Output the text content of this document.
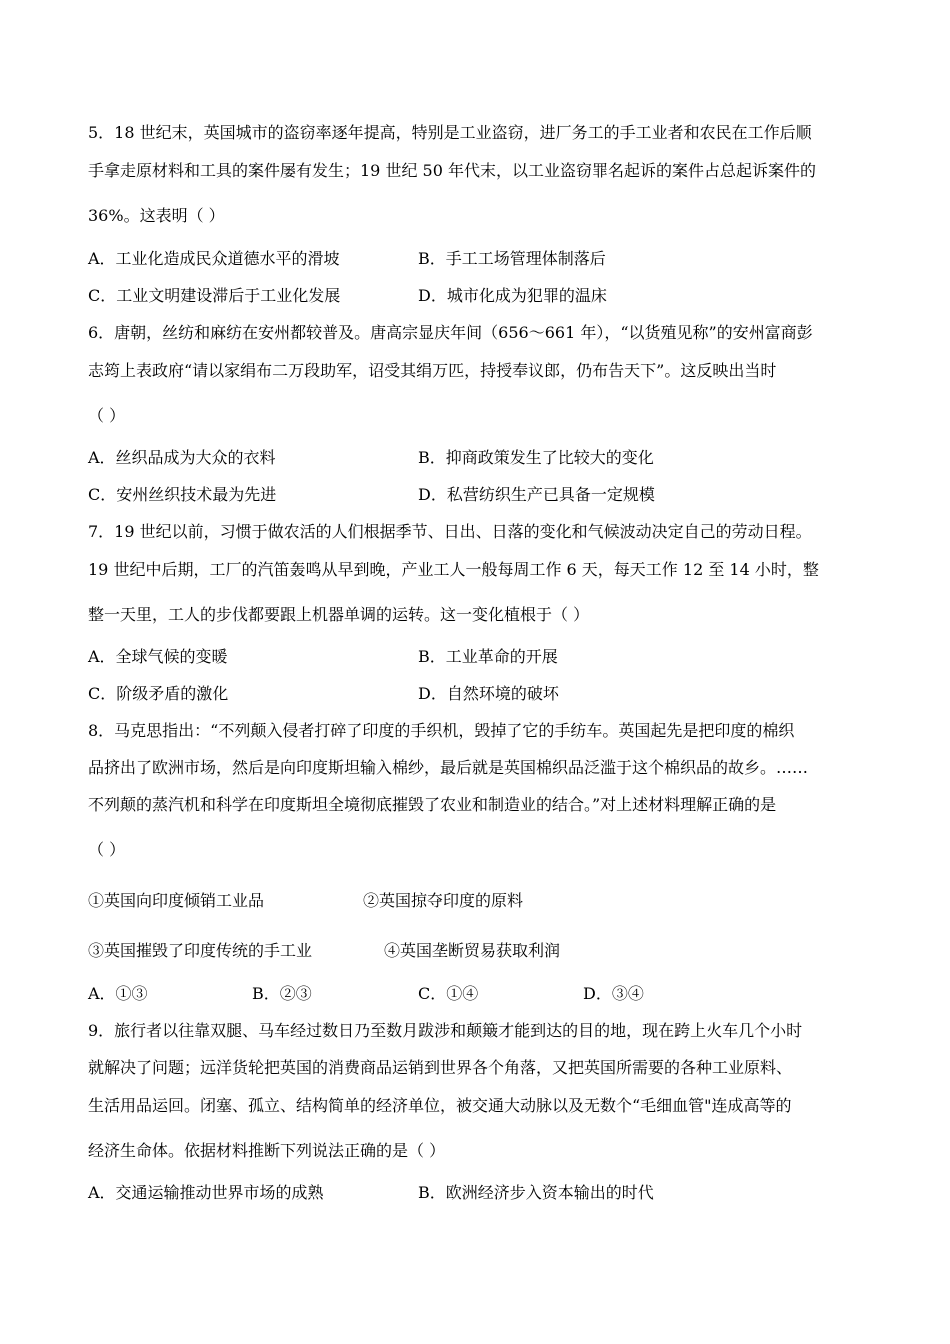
5．18 世纪末，英国城市的盗窃率逐年提高，特别是工业盗窃，进厂务工的手工业者和农民在工作后顺
手拿走原材料和工具的案件屡有发生；19 世纪 50 年代末，以工业盗窃罪名起诉的案件占总起诉案件的
36%。这表明（ ）
A．工业化造成民众道德水平的滑坡	B．手工工场管理体制落后
C．工业文明建设滞后于工业化发展	D．城市化成为犯罪的温床
6．唐朝，丝纺和麻纺在安州都较普及。唐高宗显庆年间（656～661 年），“以货殖见称”的安州富商彭
志筠上表政府“请以家绢布二万段助军，诏受其绢万匹，持授奉议郎，仍布告天下”。这反映出当时
（ ）
A．丝织品成为大众的衣料	B．抑商政策发生了比较大的变化
C．安州丝织技术最为先进	D．私营纺织生产已具备一定规模
7．19 世纪以前，习惯于做农活的人们根据季节、日出、日落的变化和气候波动决定自己的劳动日程。
19 世纪中后期，工厂的汽笛轰鸣从早到晚，产业工人一般每周工作 6 天，每天工作 12 至 14 小时，整
整一天里，工人的步伐都要跟上机器单调的运转。这一变化植根于（ ）
A．全球气候的变暖	B．工业革命的开展
C．阶级矛盾的激化	D．自然环境的破坏
8．马克思指出：“不列颠入侵者打碎了印度的手织机，毁掉了它的手纺车。英国起先是把印度的棉织
品挤出了欧洲市场，然后是向印度斯坦输入棉纱，最后就是英国棉织品泛滥于这个棉织品的故乡。……
不列颠的蒸汽机和科学在印度斯坦全境彻底摧毁了农业和制造业的结合。”对上述材料理解正确的是
（ ）
①英国向印度倾销工业品	②英国掠夺印度的原料
③英国摧毁了印度传统的手工业	④英国垄断贸易获取利润
A．①③	B．②③	C．①④	D．③④
9．旅行者以往靠双腿、马车经过数日乃至数月跋涉和颠簸才能到达的目的地，现在跨上火车几个小时
就解决了问题；远洋货轮把英国的消费商品运销到世界各个角落，又把英国所需要的各种工业原料、
生活用品运回。闭塞、孤立、结构简单的经济单位，被交通大动脉以及无数个“毛细血管"连成高等的
经济生命体。依据材料推断下列说法正确的是（ ）
A．交通运输推动世界市场的成熟	B．欧洲经济步入资本输出的时代
